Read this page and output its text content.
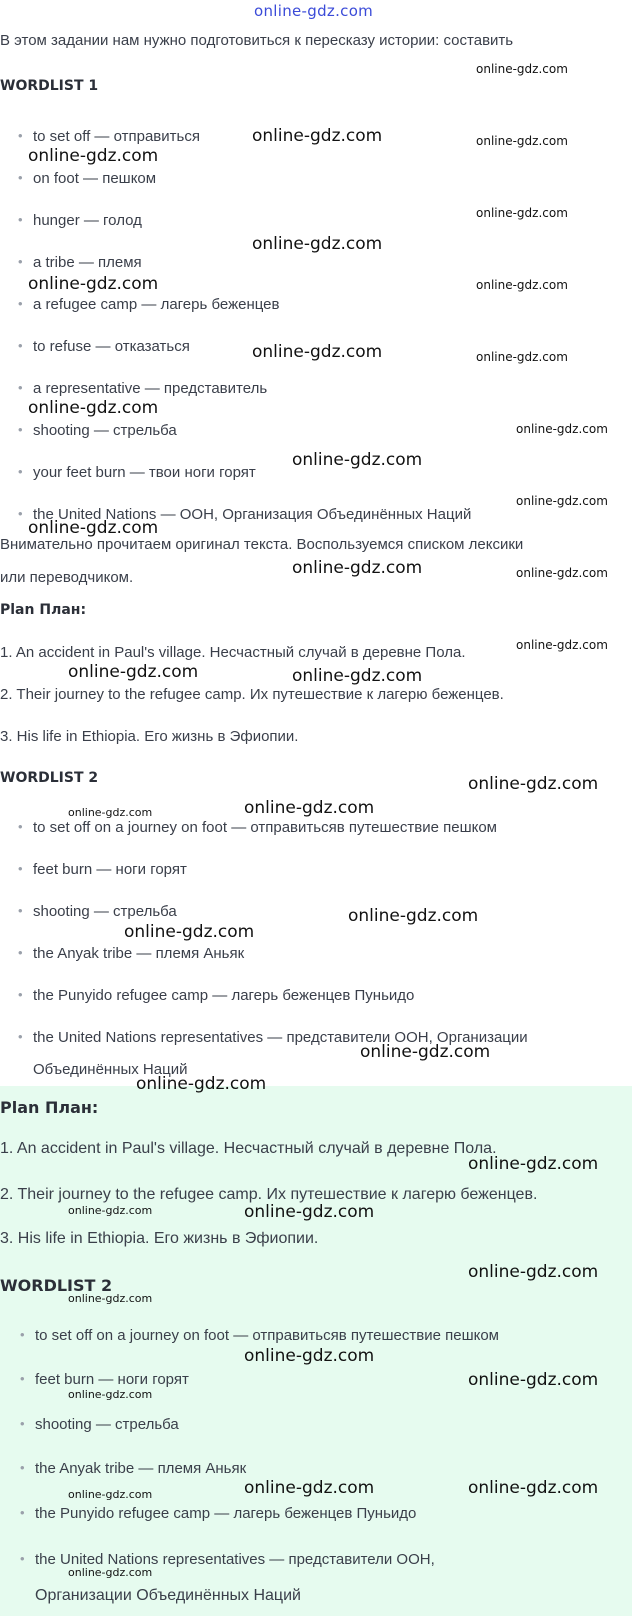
online-gdz.com
В этом задании нам нужно подготовиться к пересказу истории: составить
WORDLIST 1
• to set off — отправиться
• on foot — пешком
• hunger — голод
• a tribe — племя
• a refugee camp — лагерь беженцев
• to refuse — отказаться
• a representative — представитель
• shooting — стрельба
• your feet burn — твои ноги горят
• the United Nations — ООН, Организация Объединённых Наций
Внимательно прочитаем оригинал текста. Воспользуемся списком лексики
или переводчиком.
Plan План:
1. An accident in Paul's village. Несчастный случай в деревне Пола.
2. Their journey to the refugee camp. Их путешествие к лагерю беженцев.
3. His life in Ethiopia. Его жизнь в Эфиопии.
WORDLIST 2
• to set off on a journey on foot — отправитьсяв путешествие пешком
• feet burn — ноги горят
• shooting — стрельба
• the Anyak tribe — племя Аньяк
• the Punyido refugee camp — лагерь беженцев Пуньидо
• the United Nations representatives — представители ООН, Организации
Объединённых Наций
Plan План:
1. An accident in Paul's village. Несчастный случай в деревне Пола.
2. Their journey to the refugee camp. Их путешествие к лагерю беженцев.
3. His life in Ethiopia. Его жизнь в Эфиопии.
WORDLIST 2
• to set off on a journey on foot — отправитьсяв путешествие пешком
• feet burn — ноги горят
• shooting — стрельба
• the Anyak tribe — племя Аньяк
• the Punyido refugee camp — лагерь беженцев Пуньидо
• the United Nations representatives — представители ООН,
Организации Объединённых Наций
online-gdz.com
online-gdz.com	online-gdz.com
online-gdz.com
online-gdz.com
online-gdz.com
online-gdz.com	online-gdz.com
online-gdz.com	online-gdz.com
online-gdz.com
online-gdz.com
online-gdz.com
online-gdz.com
online-gdz.com
online-gdz.com	online-gdz.com
online-gdz.com
online-gdz.com	online-gdz.com
online-gdz.com
online-gdz.com
online-gdz.com
online-gdz.com
online-gdz.com
online-gdz.com
online-gdz.com
online-gdz.com
online-gdz.com
online-gdz.com
online-gdz.com
online-gdz.com
online-gdz.com
online-gdz.com
online-gdz.com
online-gdz.com	online-gdz.com
online-gdz.com
online-gdz.com
